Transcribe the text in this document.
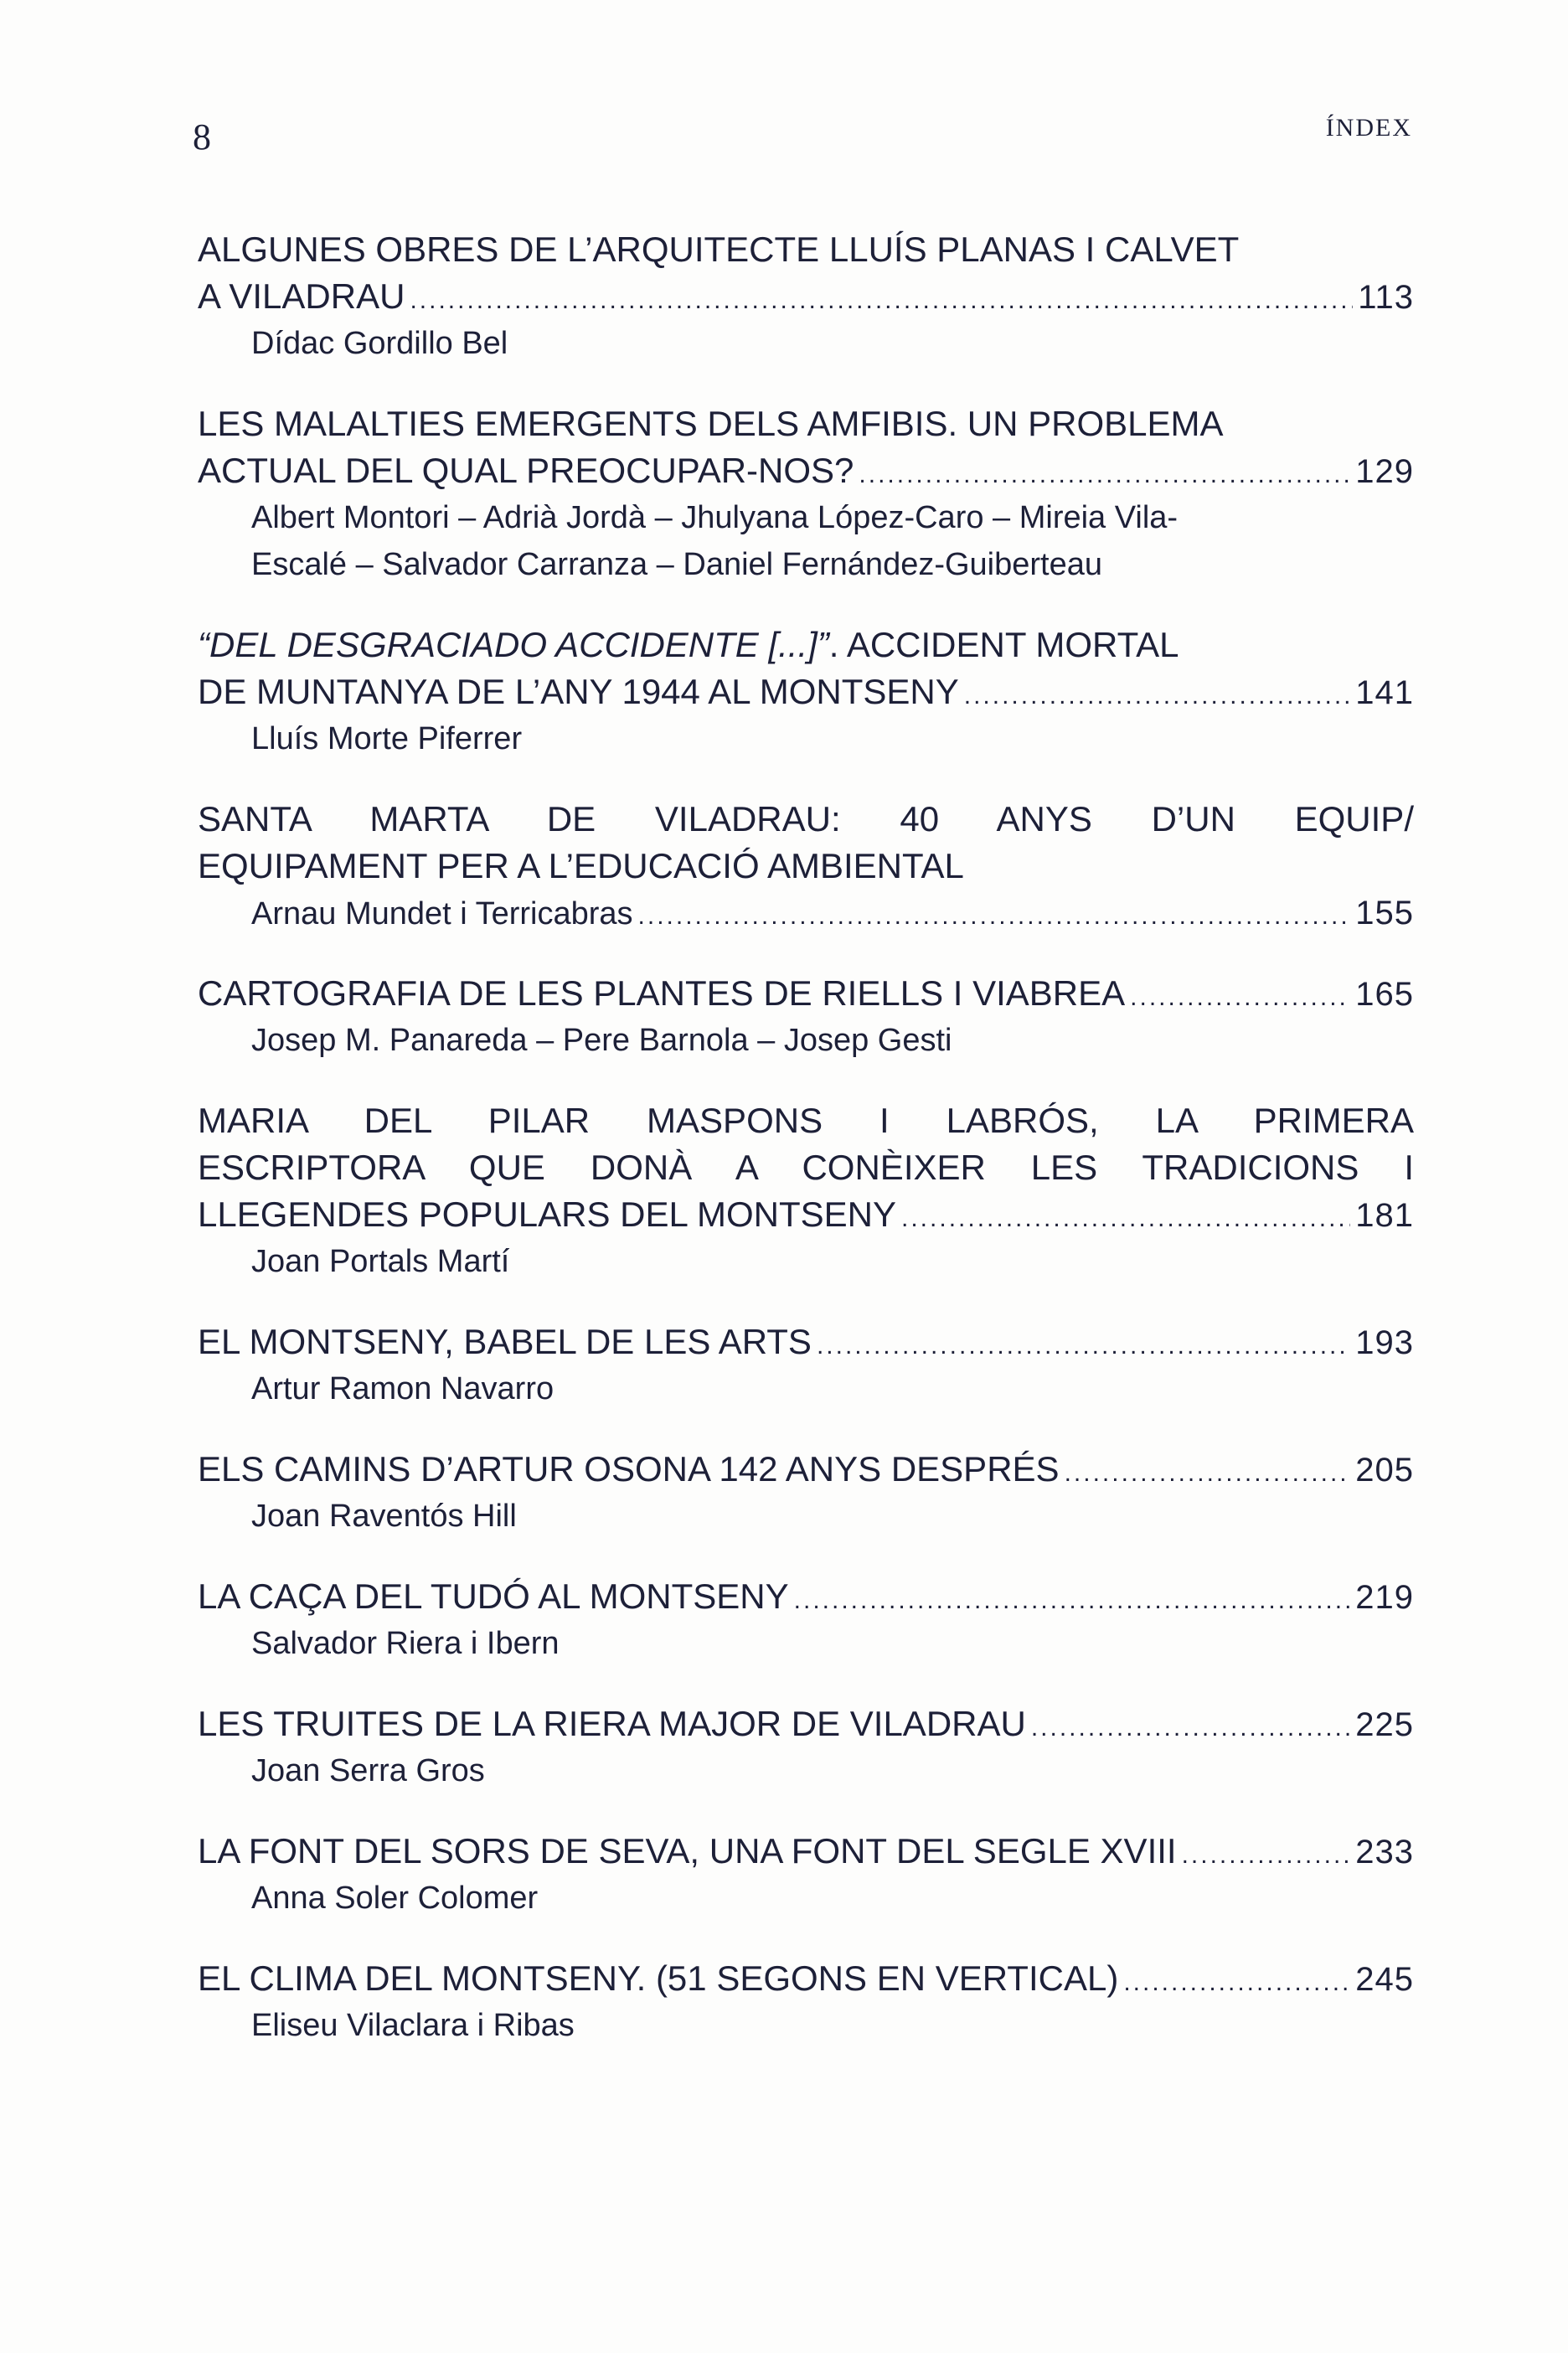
8	ÍNDEX
ALGUNES OBRES DE L’ARQUITECTE LLUÍS PLANAS I CALVET
A VILADRAU .....	113
Dídac Gordillo Bel
LES MALALTIES EMERGENTS DELS AMFIBIS. UN PROBLEMA
ACTUAL DEL QUAL PREOCUPAR-NOS? .....	129
Albert Montori – Adrià Jordà – Jhulyana López-Caro – Mireia Vila-
Escalé – Salvador Carranza – Daniel Fernández-Guiberteau
“DEL DESGRACIADO ACCIDENTE [...]”. ACCIDENT MORTAL
DE MUNTANYA DE L’ANY 1944 AL MONTSENY .....	141
Lluís Morte Piferrer
SANTA MARTA DE VILADRAU: 40 ANYS D’UN EQUIP/
EQUIPAMENT PER A L’EDUCACIÓ AMBIENTAL
Arnau Mundet i Terricabras .....	155
CARTOGRAFIA DE LES PLANTES DE RIELLS I VIABREA .....	165
Josep M. Panareda – Pere Barnola – Josep Gesti
MARIA DEL PILAR MASPONS I LABRÓS, LA PRIMERA
ESCRIPTORA QUE DONÀ A CONÈIXER LES TRADICIONS I
LLEGENDES POPULARS DEL MONTSENY .....	181
Joan Portals Martí
EL MONTSENY, BABEL DE LES ARTS .....	193
Artur Ramon Navarro
ELS CAMINS D’ARTUR OSONA 142 ANYS DESPRÉS .....	205
Joan Raventós Hill
LA CAÇA DEL TUDÓ AL MONTSENY .....	219
Salvador Riera i Ibern
LES TRUITES DE LA RIERA MAJOR DE VILADRAU .....	225
Joan Serra Gros
LA FONT DEL SORS DE SEVA, UNA FONT DEL SEGLE XVIII .....	233
Anna Soler Colomer
EL CLIMA DEL MONTSENY. (51 SEGONS EN VERTICAL) .....	245
Eliseu Vilaclara i Ribas
